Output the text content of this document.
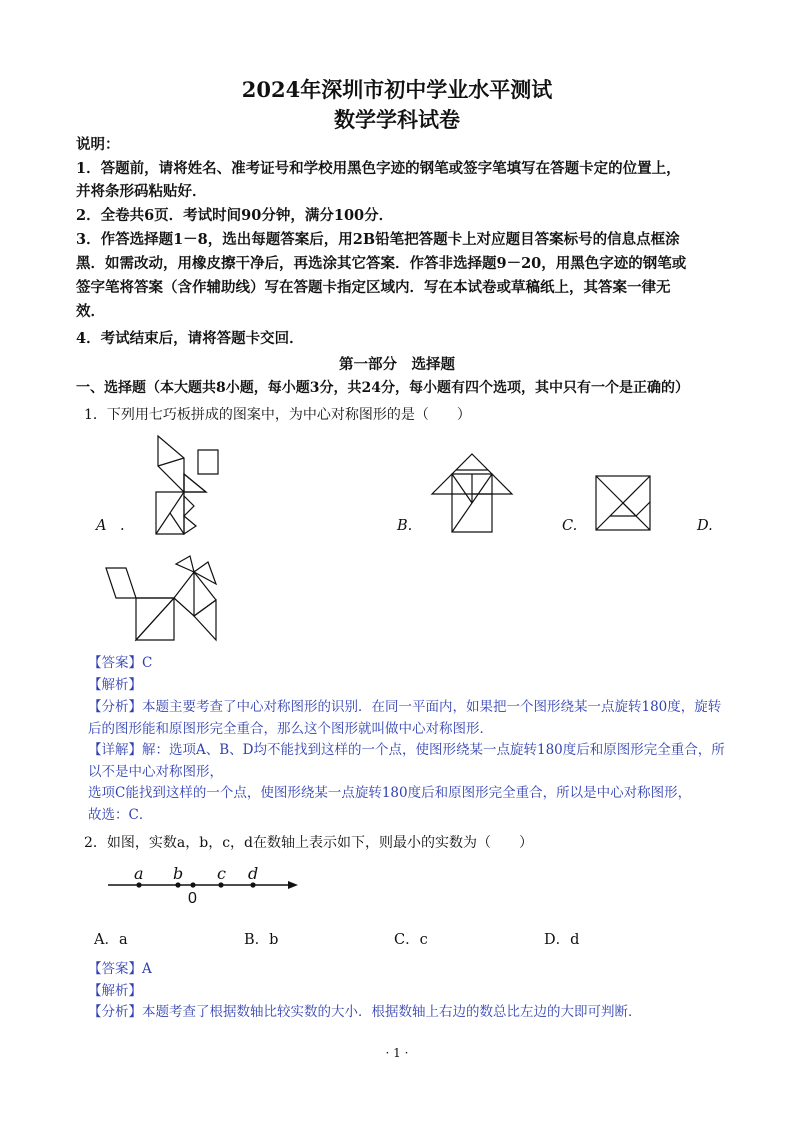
2024年深圳市初中学业水平测试
数学学科试卷
说明：
1．答题前，请将姓名、准考证号和学校用黑色字迹的钢笔或签字笔填写在答题卡定的位置上，
并将条形码粘贴好．
2．全卷共6页．考试时间90分钟，满分100分．
3．作答选择题1－8，选出每题答案后，用2B铅笔把答题卡上对应题目答案标号的信息点框涂
黑．如需改动，用橡皮擦干净后，再选涂其它答案．作答非选择题9－20，用黑色字迹的钢笔或
签字笔将答案（含作辅助线）写在答题卡指定区域内．写在本试卷或草稿纸上，其答案一律无
效．
4．考试结束后，请将答题卡交回．
第一部分　选择题
一、选择题（本大题共8小题，每小题3分，共24分，每小题有四个选项，其中只有一个是正确的）
1．下列用七巧板拼成的图案中，为中心对称图形的是（　　）
A .	B.	C.	D.
【答案】C
【解析】
【分析】本题主要考查了中心对称图形的识别．在同一平面内，如果把一个图形绕某一点旋转180度，旋转
后的图形能和原图形完全重合，那么这个图形就叫做中心对称图形．
【详解】解：选项A、B、D均不能找到这样的一个点，使图形绕某一点旋转180度后和原图形完全重合，所
以不是中心对称图形，
选项C能找到这样的一个点，使图形绕某一点旋转180度后和原图形完全重合，所以是中心对称图形，
故选：C．
2．如图，实数a，b，c，d在数轴上表示如下，则最小的实数为（　　）
a b c d
0
A．a	B．b	C．c	D．d
【答案】A
【解析】
【分析】本题考查了根据数轴比较实数的大小．根据数轴上右边的数总比左边的大即可判断．
· 1 ·
